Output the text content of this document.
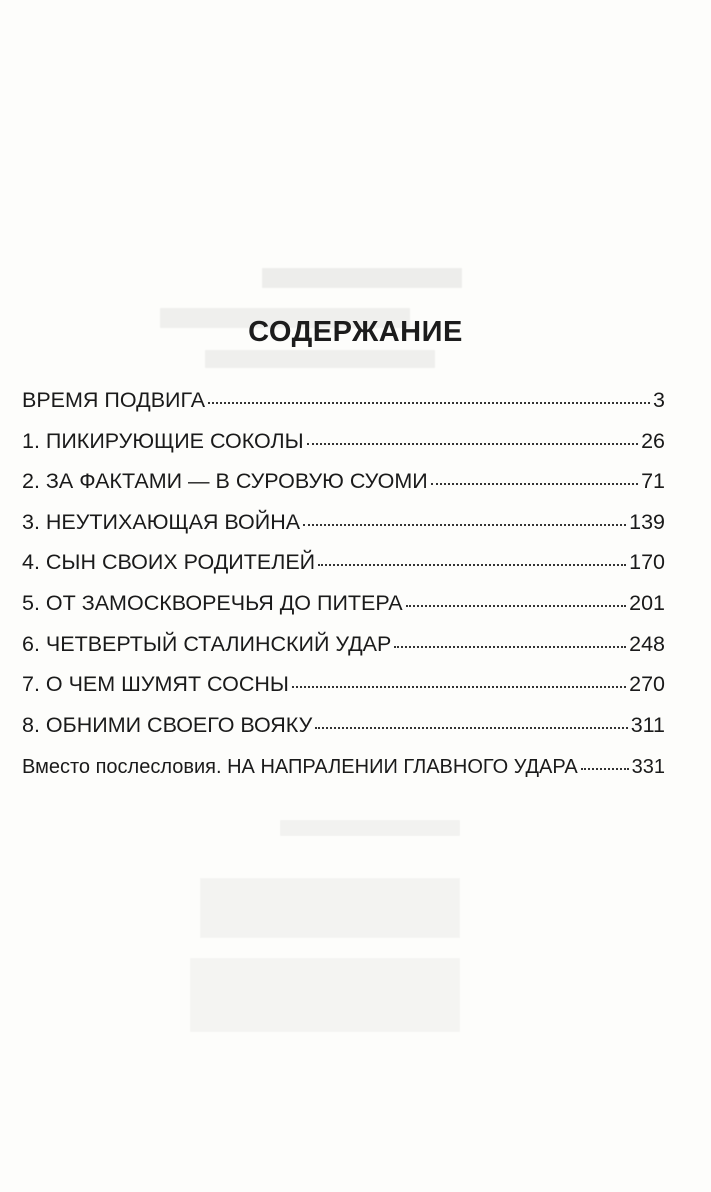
СОДЕРЖАНИЕ
ВРЕМЯ ПОДВИГА	3
1. ПИКИРУЮЩИЕ СОКОЛЫ	26
2. ЗА ФАКТАМИ — В СУРОВУЮ СУОМИ	71
3. НЕУТИХАЮЩАЯ ВОЙНА	139
4. СЫН СВОИХ РОДИТЕЛЕЙ	170
5. ОТ ЗАМОСКВОРЕЧЬЯ ДО ПИТЕРА	201
6. ЧЕТВЕРТЫЙ СТАЛИНСКИЙ УДАР	248
7. О ЧЕМ ШУМЯТ СОСНЫ	270
8. ОБНИМИ СВОЕГО ВОЯКУ	311
Вместо послесловия. НА НАПРАЛЕНИИ ГЛАВНОГО УДАРА	331
